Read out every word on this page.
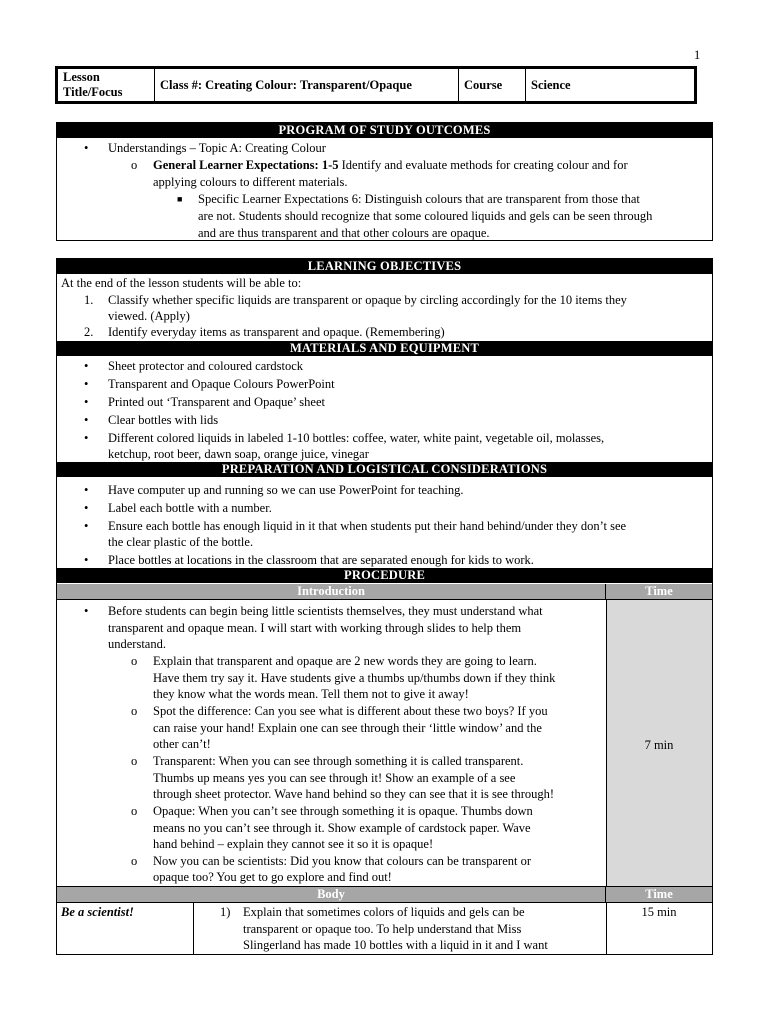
1
Lesson Title/Focus
Class #: Creating Colour: Transparent/Opaque	Course	Science
PROGRAM OF STUDY OUTCOMES
• Understandings – Topic A: Creating Colour
o General Learner Expectations: 1-5 Identify and evaluate methods for creating colour and for
applying colours to different materials.
■ Specific Learner Expectations 6: Distinguish colours that are transparent from those that
are not. Students should recognize that some coloured liquids and gels can be seen through
and are thus transparent and that other colours are opaque.
LEARNING OBJECTIVES
At the end of the lesson students will be able to:
1. Classify whether specific liquids are transparent or opaque by circling accordingly for the 10 items they
viewed. (Apply)
2. Identify everyday items as transparent and opaque. (Remembering)
MATERIALS AND EQUIPMENT
• Sheet protector and coloured cardstock
• Transparent and Opaque Colours PowerPoint
• Printed out ‘Transparent and Opaque’ sheet
• Clear bottles with lids
• Different colored liquids in labeled 1-10 bottles: coffee, water, white paint, vegetable oil, molasses,
ketchup, root beer, dawn soap, orange juice, vinegar
PREPARATION AND LOGISTICAL CONSIDERATIONS
• Have computer up and running so we can use PowerPoint for teaching.
• Label each bottle with a number.
• Ensure each bottle has enough liquid in it that when students put their hand behind/under they don’t see
the clear plastic of the bottle.
• Place bottles at locations in the classroom that are separated enough for kids to work.
PROCEDURE
Introduction	Time
7 min
• Before students can begin being little scientists themselves, they must understand what
transparent and opaque mean. I will start with working through slides to help them
understand.
o Explain that transparent and opaque are 2 new words they are going to learn.
Have them try say it. Have students give a thumbs up/thumbs down if they think
they know what the words mean. Tell them not to give it away!
o Spot the difference: Can you see what is different about these two boys? If you
can raise your hand! Explain one can see through their ‘little window’ and the
other can’t!
o Transparent: When you can see through something it is called transparent.
Thumbs up means yes you can see through it! Show an example of a see
through sheet protector. Wave hand behind so they can see that it is see through!
o Opaque: When you can’t see through something it is opaque. Thumbs down
means no you can’t see through it. Show example of cardstock paper. Wave
hand behind – explain they cannot see it so it is opaque!
o Now you can be scientists: Did you know that colours can be transparent or
opaque too? You get to go explore and find out!
Body	Time
Be a scientist!	1) Explain that sometimes colors of liquids and gels can be
transparent or opaque too. To help understand that Miss
Slingerland has made 10 bottles with a liquid in it and I want
15 min
